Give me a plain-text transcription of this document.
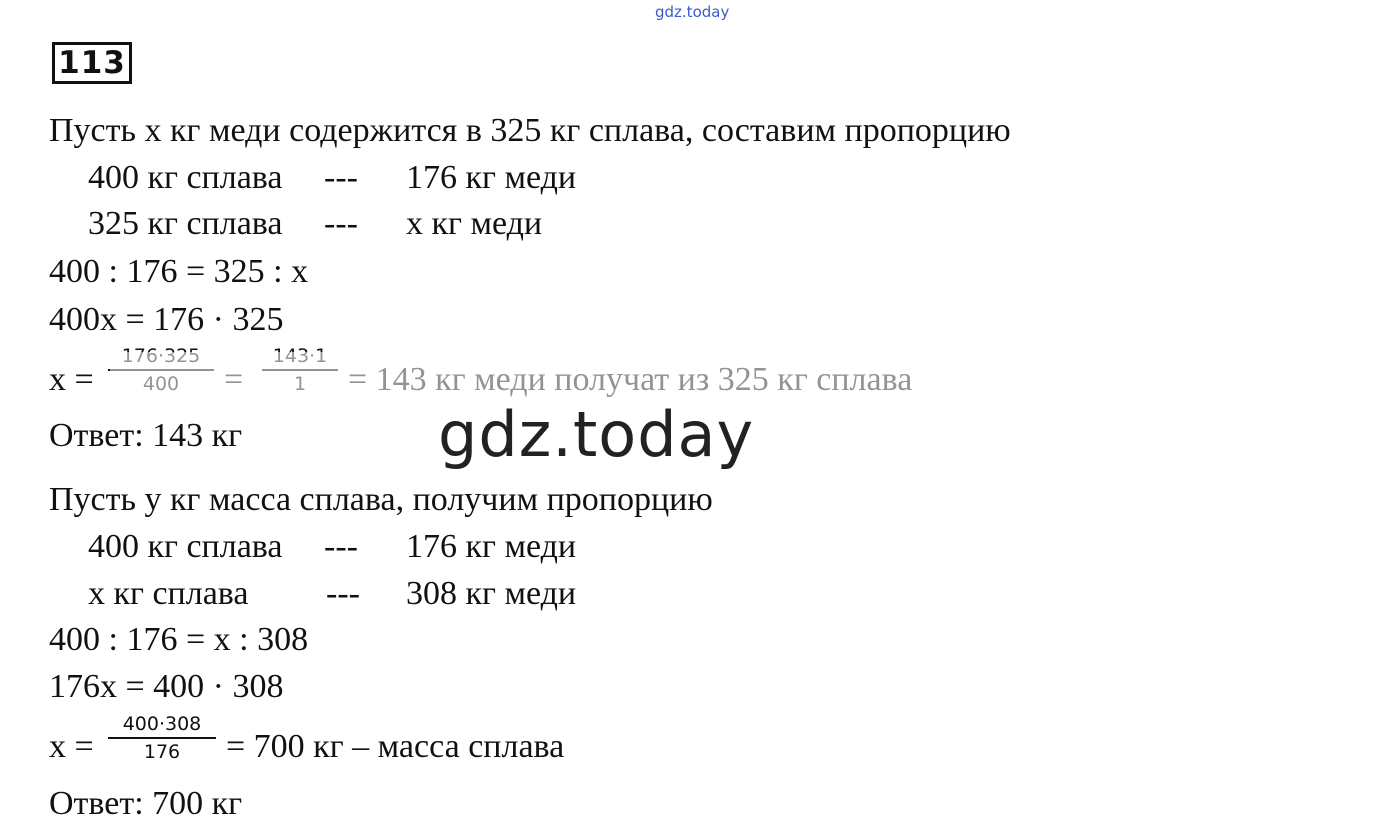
gdz.today
113
Пусть х кг меди содержится в 325 кг сплава, составим пропорцию
400 кг сплава --- 176 кг меди
325 кг сплава --- х кг меди
400 : 176 = 325 : х
400х = 176 · 325
х =
Ответ: 143 кг	gdz.today
Пусть у кг масса сплава, получим пропорцию
400 кг сплава --- 176 кг меди
х кг сплава --- 308 кг меди
400 : 176 = х : 308
176х = 400 · 308
$х = \frac{400\cdot 308}{176} = 700$ кг – масса сплава
Ответ: 700 кг
